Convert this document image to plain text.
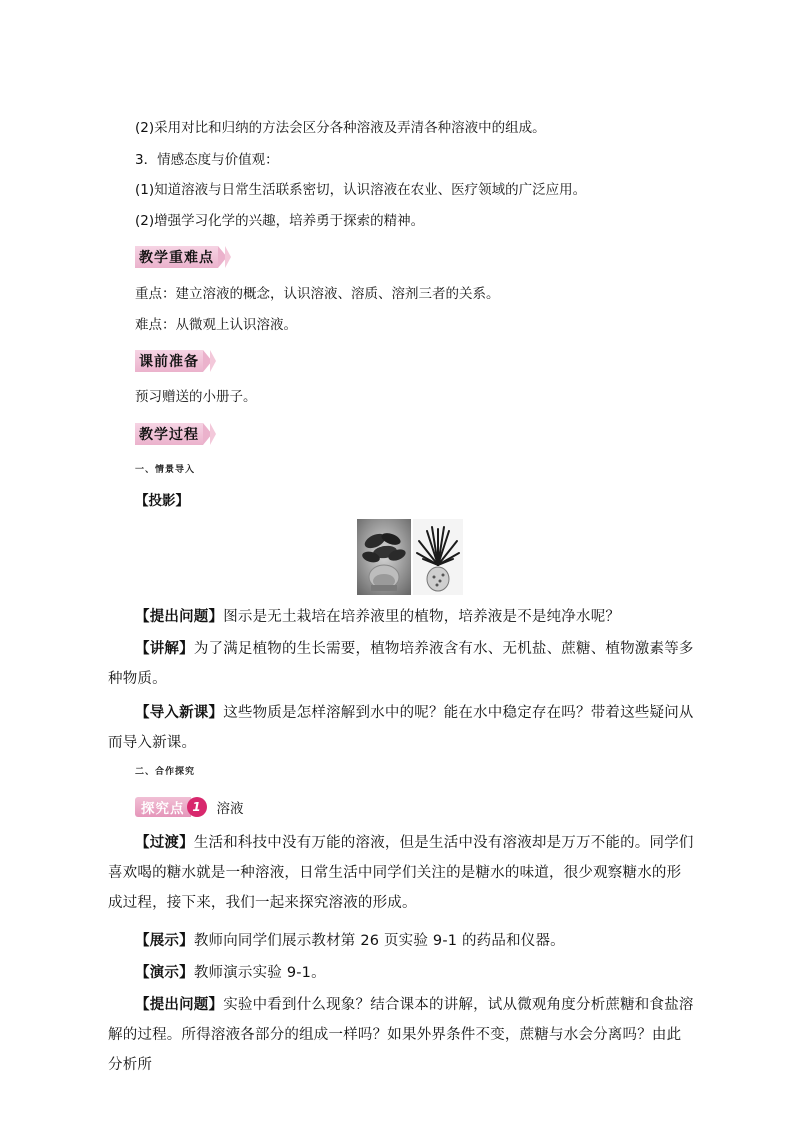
(2)采用对比和归纳的方法会区分各种溶液及弄清各种溶液中的组成。
3．情感态度与价值观：
(1)知道溶液与日常生活联系密切，认识溶液在农业、医疗领域的广泛应用。
(2)增强学习化学的兴趣，培养勇于探索的精神。
教学重难点
重点：建立溶液的概念，认识溶液、溶质、溶剂三者的关系。
难点：从微观上认识溶液。
课前准备
预习赠送的小册子。
教学过程
一、情景导入
【投影】
【提出问题】图示是无土栽培在培养液里的植物，培养液是不是纯净水呢？
【讲解】为了满足植物的生长需要，植物培养液含有水、无机盐、蔗糖、植物激素等多种物质。
【导入新课】这些物质是怎样溶解到水中的呢？能在水中稳定存在吗？带着这些疑问从而导入新课。
二、合作探究
探究点 1	溶液
【过渡】生活和科技中没有万能的溶液，但是生活中没有溶液却是万万不能的。同学们喜欢喝的糖水就是一种溶液，日常生活中同学们关注的是糖水的味道，很少观察糖水的形成过程，接下来，我们一起来探究溶液的形成。
【展示】教师向同学们展示教材第 26 页实验 9-1 的药品和仪器。
【演示】教师演示实验 9-1。
【提出问题】实验中看到什么现象？结合课本的讲解，试从微观角度分析蔗糖和食盐溶解的过程。所得溶液各部分的组成一样吗？如果外界条件不变，蔗糖与水会分离吗？由此分析所
